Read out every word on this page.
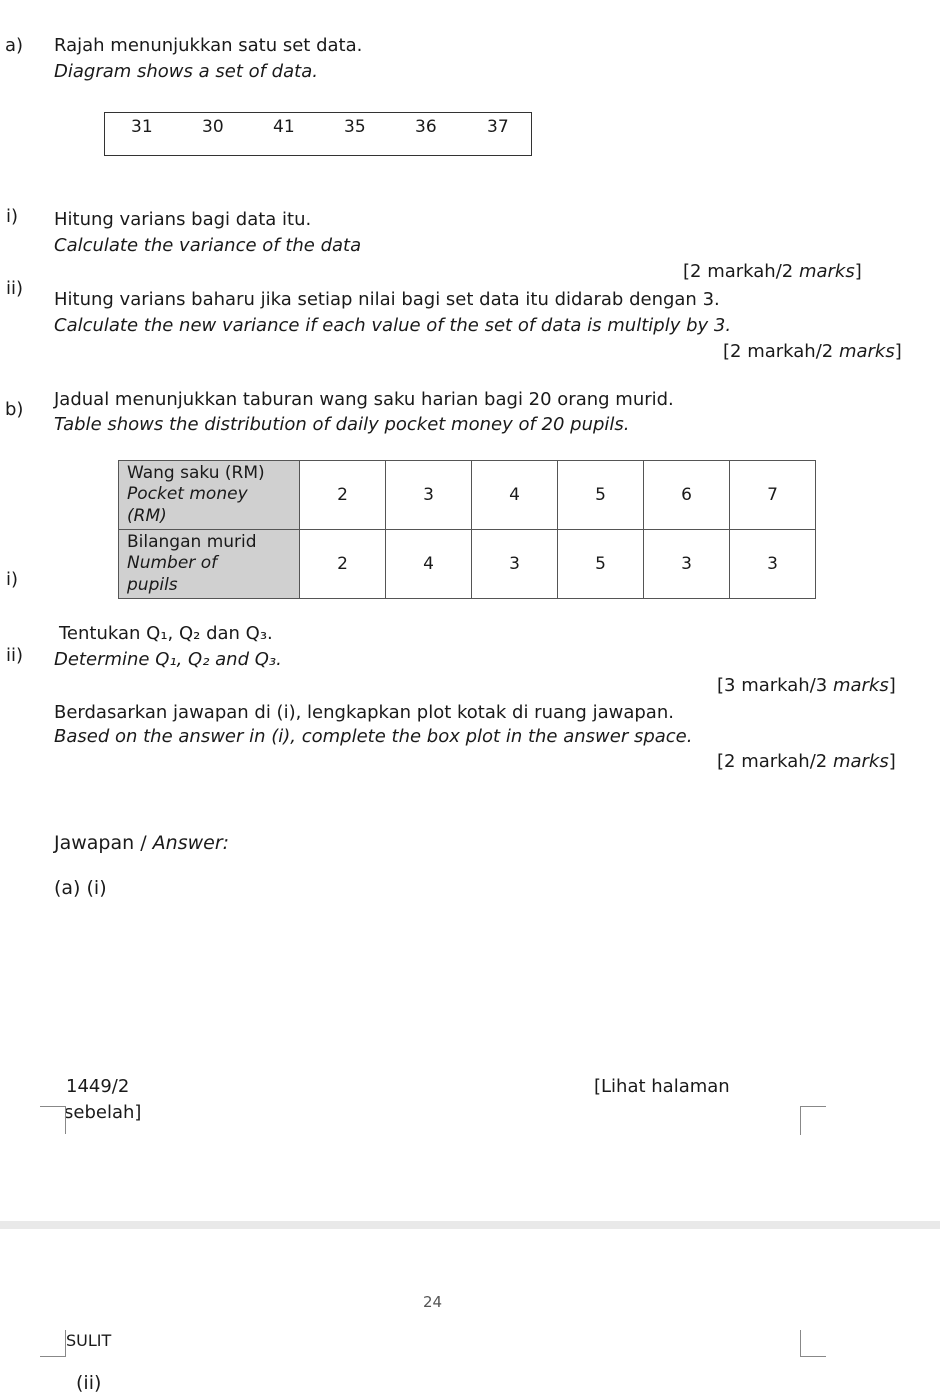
a) Rajah menunjukkan satu set data.
Diagram shows a set of data.
31	30	41	35	36	37
i) Hitung varians bagi data itu.
Calculate the variance of the data
[2 markah/2 marks]
ii)
Hitung varians baharu jika setiap nilai bagi set data itu didarab dengan 3.
Calculate the new variance if each value of the set of data is multiply by 3.
[2 markah/2 marks]
b) Jadual menunjukkan taburan wang saku harian bagi 20 orang murid.
Table shows the distribution of daily pocket money of 20 pupils.
Wang saku (RM)
Pocket money (RM)	2	3	4	5	6	7

Bilangan murid
Number of pupils	2	4	3	5	3	3
i)
Tentukan Q₁, Q₂ dan Q₃.
ii) Determine Q₁, Q₂ and Q₃.
[3 markah/3 marks]
Berdasarkan jawapan di (i), lengkapkan plot kotak di ruang jawapan.
Based on the answer in (i), complete the box plot in the answer space.
[2 markah/2 marks]
Jawapan / Answer:
(a) (i)
1449/2	[Lihat halaman
sebelah]
24
SULIT
(ii)
